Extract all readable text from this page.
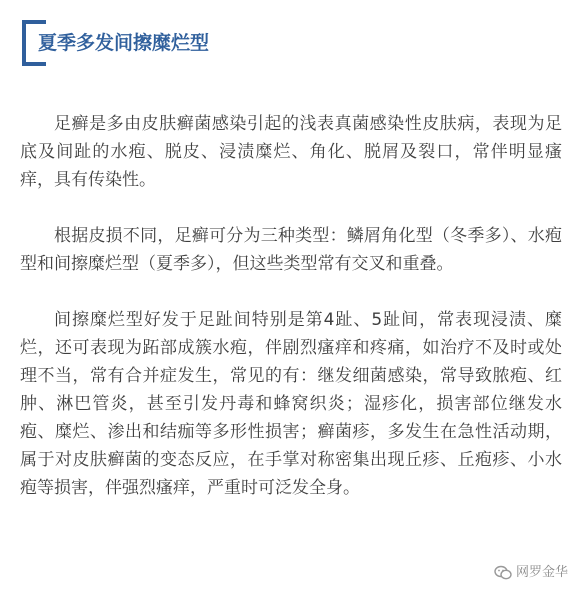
夏季多发间擦糜烂型

足癣是多由皮肤癣菌感染引起的浅表真菌感染性皮肤病，表现为足底及间趾的水疱、脱皮、浸渍糜烂、角化、脱屑及裂口，常伴明显瘙痒，具有传染性。

根据皮损不同，足癣可分为三种类型：鳞屑角化型（冬季多）、水疱型和间擦糜烂型（夏季多），但这些类型常有交叉和重叠。

间擦糜烂型好发于足趾间特别是第4趾、5趾间，常表现浸渍、糜烂，还可表现为跖部成簇水疱，伴剧烈瘙痒和疼痛，如治疗不及时或处理不当，常有合并症发生，常见的有：继发细菌感染，常导致脓疱、红肿、淋巴管炎，甚至引发丹毒和蜂窝织炎；湿疹化，损害部位继发水疱、糜烂、渗出和结痂等多形性损害；癣菌疹，多发生在急性活动期，属于对皮肤癣菌的变态反应，在手掌对称密集出现丘疹、丘疱疹、小水疱等损害，伴强烈瘙痒，严重时可泛发全身。

网罗金华
